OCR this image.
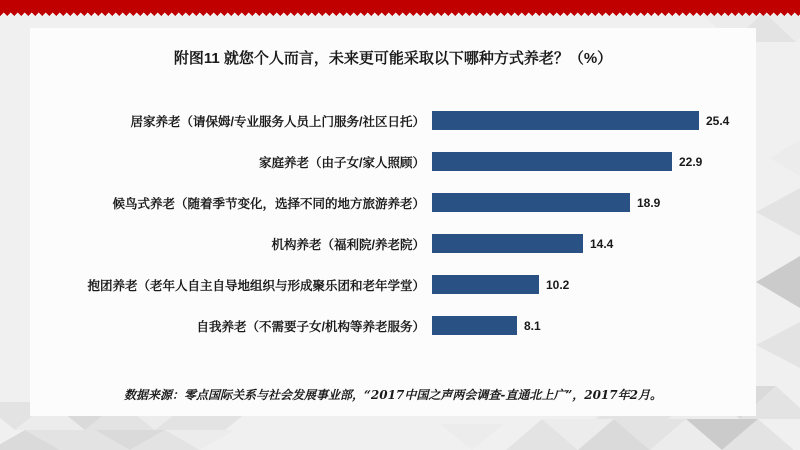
附图11 就您个人而言，未来更可能采取以下哪种方式养老？（%）
居家养老（请保姆/专业服务人员上门服务/社区日托）	25.4
家庭养老（由子女/家人照顾）	22.9
候鸟式养老（随着季节变化，选择不同的地方旅游养老）	18.9
机构养老（福利院/养老院）	14.4
抱团养老（老年人自主自导地组织与形成聚乐团和老年学堂）	10.2
自我养老（不需要子女/机构等养老服务）	8.1
数据来源：零点国际关系与社会发展事业部，“2017中国之声两会调查-直通北上广”，2017年2月。
